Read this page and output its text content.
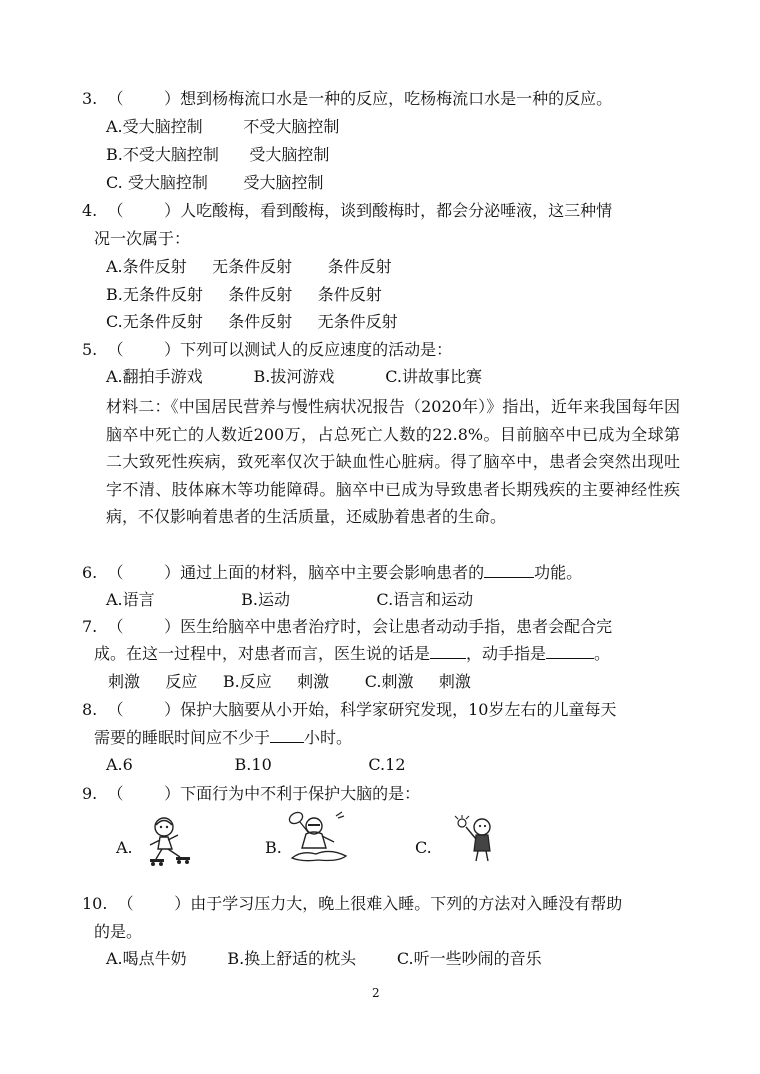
3.  （        ）想到杨梅流口水是一种的反应，吃杨梅流口水是一种的反应。
A.受大脑控制        不受大脑控制
B.不受大脑控制      受大脑控制
C. 受大脑控制       受大脑控制
4.  （        ）人吃酸梅，看到酸梅，谈到酸梅时，都会分泌唾液，这三种情
况一次属于：
A.条件反射     无条件反射       条件反射
B.无条件反射     条件反射     条件反射
C.无条件反射     条件反射     无条件反射
5.  （        ）下列可以测试人的反应速度的活动是：
A.翻拍手游戏          B.拔河游戏          C.讲故事比赛
材料二：《中国居民营养与慢性病状况报告（2020年）》指出，近年来我国每年因脑卒中死亡的人数近200万，占总死亡人数的22.8%。目前脑卒中已成为全球第二大致死性疾病，致死率仅次于缺血性心脏病。得了脑卒中，患者会突然出现吐字不清、肢体麻木等功能障碍。脑卒中已成为导致患者长期残疾的主要神经性疾病，不仅影响着患者的生活质量，还威胁着患者的生命。
6.  （        ）通过上面的材料，脑卒中主要会影响患者的	功能。
A.语言                 B.运动                 C.语言和运动
7.  （        ）医生给脑卒中患者治疗时，会让患者动动手指，患者会配合完
成。在这一过程中，对患者而言，医生说的话是 ，动手指是	。
刺激     反应     B.反应     刺激       C.刺激     刺激
8.  （        ）保护大脑要从小开始，科学家研究发现，10岁左右的儿童每天
需要的睡眠时间应不少于 小时。
A.6                    B.10                   C.12
9.  （        ）下面行为中不利于保护大脑的是：
A.	B.	C.
10.  （        ）由于学习压力大，晚上很难入睡。下列的方法对入睡没有帮助
的是。
A.喝点牛奶        B.换上舒适的枕头        C.听一些吵闹的音乐
2
